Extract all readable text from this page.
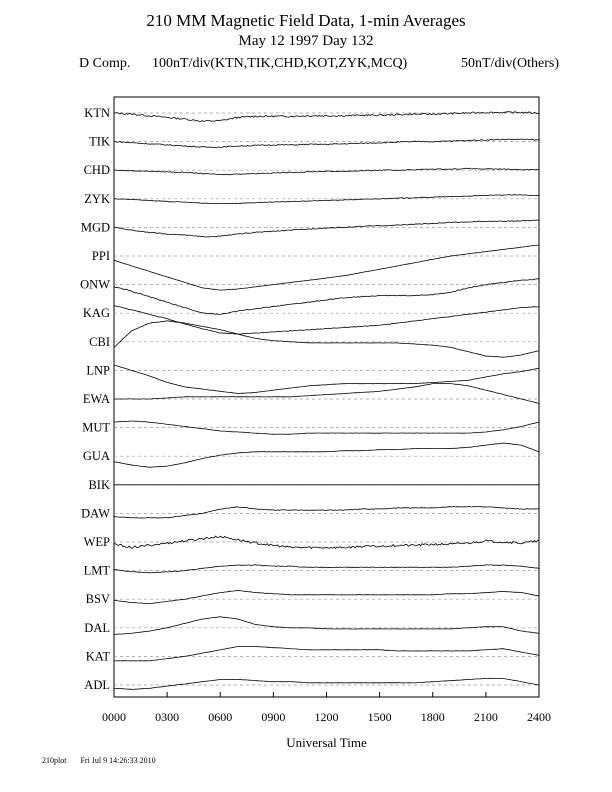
210 MM Magnetic Field Data, 1-min Averages
May 12 1997 Day 132
D Comp. 100nT/div(KTN,TIK,CHD,KOT,ZYK,MCQ)	50nT/div(Others)
KTN
TIK
CHD
ZYK
MGD
PPI
ONW
KAG
CBI
LNP
EWA
MUT
GUA
BIK
DAW
WEP
LMT
BSV
DAL
KAT
ADL
0000 0300 0600 0900 1200 1500 1800 2100 2400
Universal Time
210plot Fri Jul 9 14:26:33 2010
